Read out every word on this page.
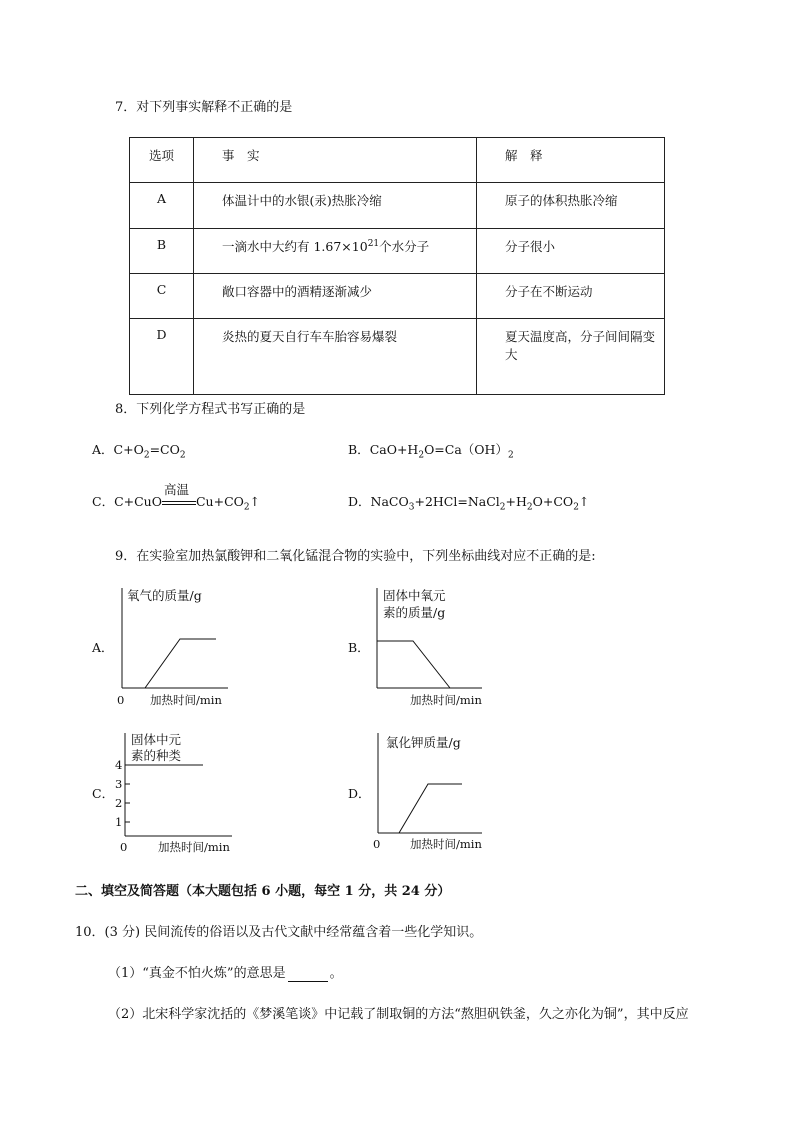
7．对下列事实解释不正确的是
选项	事　实	解　释
A	体温计中的水银(汞)热胀冷缩	原子的体积热胀冷缩
B	一滴水中大约有 $1.67\times 10^{21}$个水分子	分子很小
C	敞口容器中的酒精逐渐减少	分子在不断运动
D	炎热的夏天自行车车胎容易爆裂	夏天温度高，分子间间隔变大
8．下列化学方程式书写正确的是
A．$C+O_2=CO_2$	B．$CaO+H_2O=Ca(OH)_2$
C．C+CuO
高温
$Cu+CO_2↑$	D．$NaCO_3+2HCl=NaCl_2+H_2O+CO_2↑$
9．在实验室加热氯酸钾和二氧化锰混合物的实验中，下列坐标曲线对应不正确的是:
A．
氧气的质量/g
0 加热时间/min
B．
固体中氧元
素的质量/g
加热时间/min
C．
固体中元
素的种类
1
2
3
4
0	加热时间/min
D．
氯化钾质量/g
0	加热时间/min
二、填空及简答题（本大题包括 6 小题，每空 1 分，共 24 分）
10．(3 分) 民间流传的俗语以及古代文献中经常蕴含着一些化学知识。
（1）“真金不怕火炼”的意思是	。
（2）北宋科学家沈括的《梦溪笔谈》中记载了制取铜的方法“熬胆矾铁釜，久之亦化为铜”，其中反应
